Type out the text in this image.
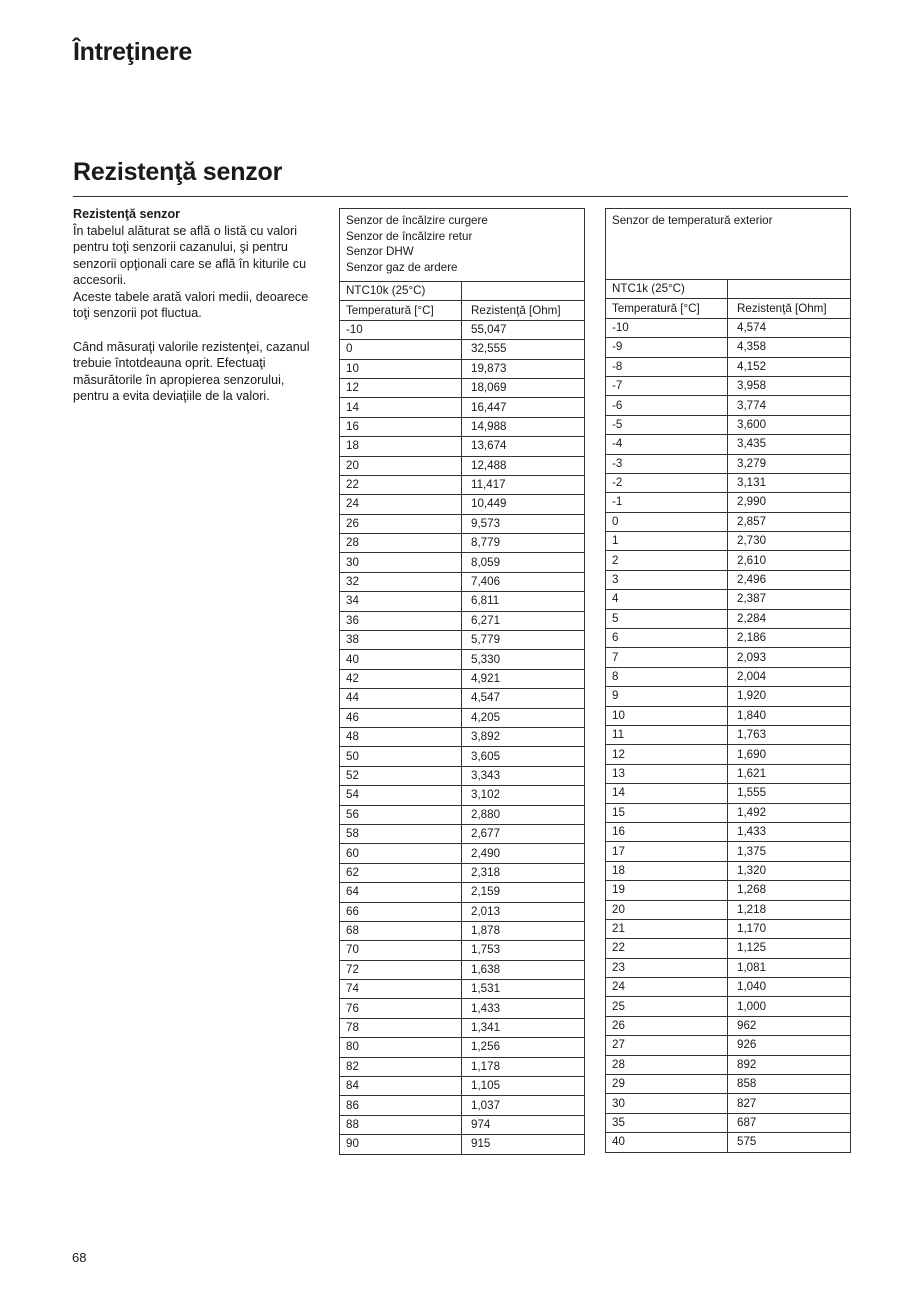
Întreţinere
Rezistenţă senzor
Rezistenţă senzor

În tabelul alăturat se află o listă cu valori pentru toţi senzorii cazanului, şi pentru senzorii opţionali care se află în kiturile cu accesorii.

Aceste tabele arată valori medii, deoarece toţi senzorii pot fluctua.

Când măsuraţi valorile rezistenţei, cazanul trebuie întotdeauna oprit. Efectuaţi măsurătorile în apropierea senzorului, pentru a evita deviaţiile de la valori.

Senzor de încălzire curgere
Senzor de încălzire retur
Senzor DHW
Senzor gaz de ardere	

NTC10k (25°C)	
Temperatură [°C]	Rezistenţă [Ohm]
-10	55,047
0	32,555
10	19,873
12	18,069
14	16,447
16	14,988
18	13,674
20	12,488
22	11,417
24	10,449
26	9,573
28	8,779
30	8,059
32	7,406
34	6,811
36	6,271
38	5,779
40	5,330
42	4,921
44	4,547
46	4,205
48	3,892
50	3,605
52	3,343
54	3,102
56	2,880
58	2,677
60	2,490
62	2,318
64	2,159
66	2,013
68	1,878
70	1,753
72	1,638
74	1,531
76	1,433
78	1,341
80	1,256
82	1,178
84	1,105
86	1,037
88	974
90	915
Senzor de temperatură exterior	

NTC1k (25°C)	
Temperatură [°C]	Rezistenţă [Ohm]
-10	4,574
-9	4,358
-8	4,152
-7	3,958
-6	3,774
-5	3,600
-4	3,435
-3	3,279
-2	3,131
-1	2,990
0	2,857
1	2,730
2	2,610
3	2,496
4	2,387
5	2,284
6	2,186
7	2,093
8	2,004
9	1,920
10	1,840
11	1,763
12	1,690
13	1,621
14	1,555
15	1,492
16	1,433
17	1,375
18	1,320
19	1,268
20	1,218
21	1,170
22	1,125
23	1,081
24	1,040
25	1,000
26	962
27	926
28	892
29	858
30	827
35	687
40	575
68
